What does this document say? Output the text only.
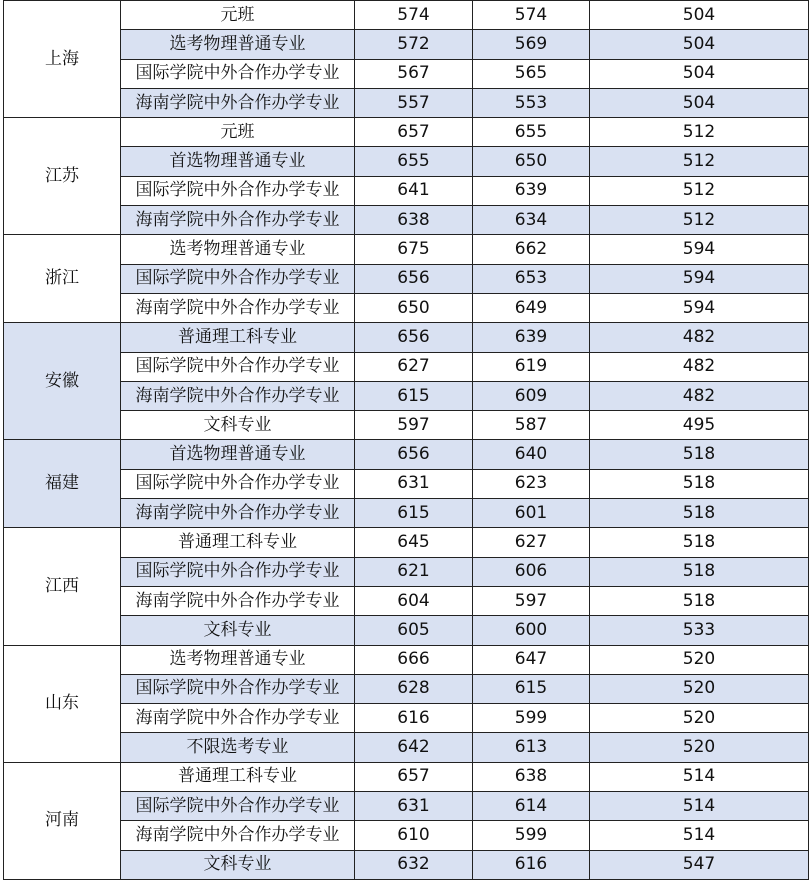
上海	元班	574	574	504
	选考物理普通专业	572	569	504
	国际学院中外合作办学专业	567	565	504
	海南学院中外合作办学专业	557	553	504
江苏	元班	657	655	512
	首选物理普通专业	655	650	512
	国际学院中外合作办学专业	641	639	512
	海南学院中外合作办学专业	638	634	512
浙江	选考物理普通专业	675	662	594
	国际学院中外合作办学专业	656	653	594
	海南学院中外合作办学专业	650	649	594
安徽	普通理工科专业	656	639	482
	国际学院中外合作办学专业	627	619	482
	海南学院中外合作办学专业	615	609	482
	文科专业	597	587	495
福建	首选物理普通专业	656	640	518
	国际学院中外合作办学专业	631	623	518
	海南学院中外合作办学专业	615	601	518
江西	普通理工科专业	645	627	518
	国际学院中外合作办学专业	621	606	518
	海南学院中外合作办学专业	604	597	518
	文科专业	605	600	533
山东	选考物理普通专业	666	647	520
	国际学院中外合作办学专业	628	615	520
	海南学院中外合作办学专业	616	599	520
	不限选考专业	642	613	520
河南	普通理工科专业	657	638	514
	国际学院中外合作办学专业	631	614	514
	海南学院中外合作办学专业	610	599	514
	文科专业	632	616	547
